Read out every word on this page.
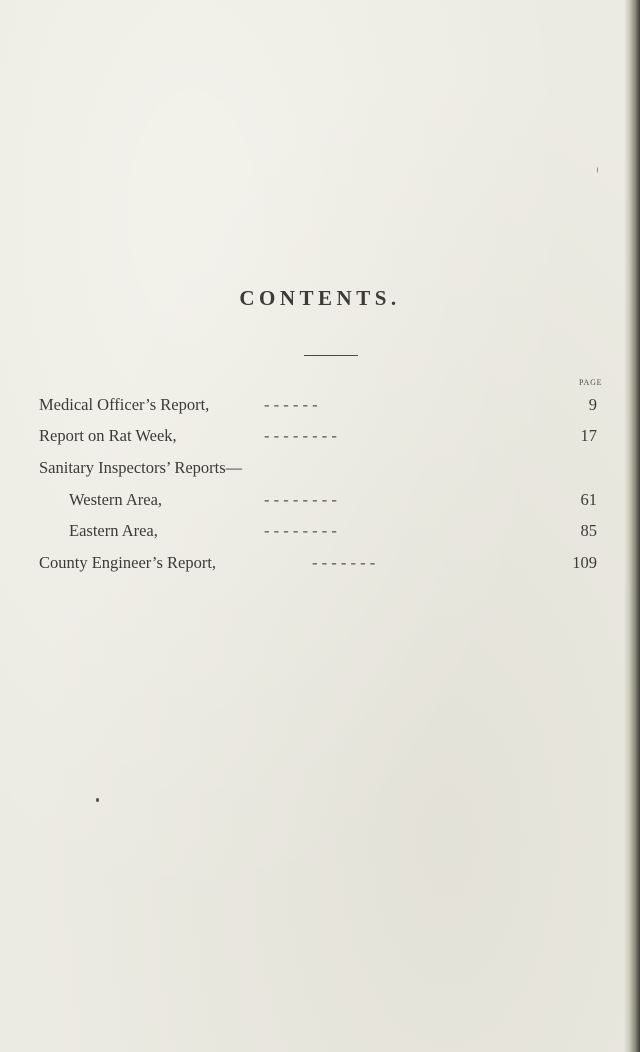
CONTENTS.
PAGE
Medical Officer’s Report,	- - - - - -	9
Report on Rat Week,	- - - - - - - -	17
Sanitary Inspectors’ Reports—
Western Area,	- - - - - - - -	61
Eastern Area,	- - - - - - - -	85
County Engineer’s Report,	- - - - - - -	109
